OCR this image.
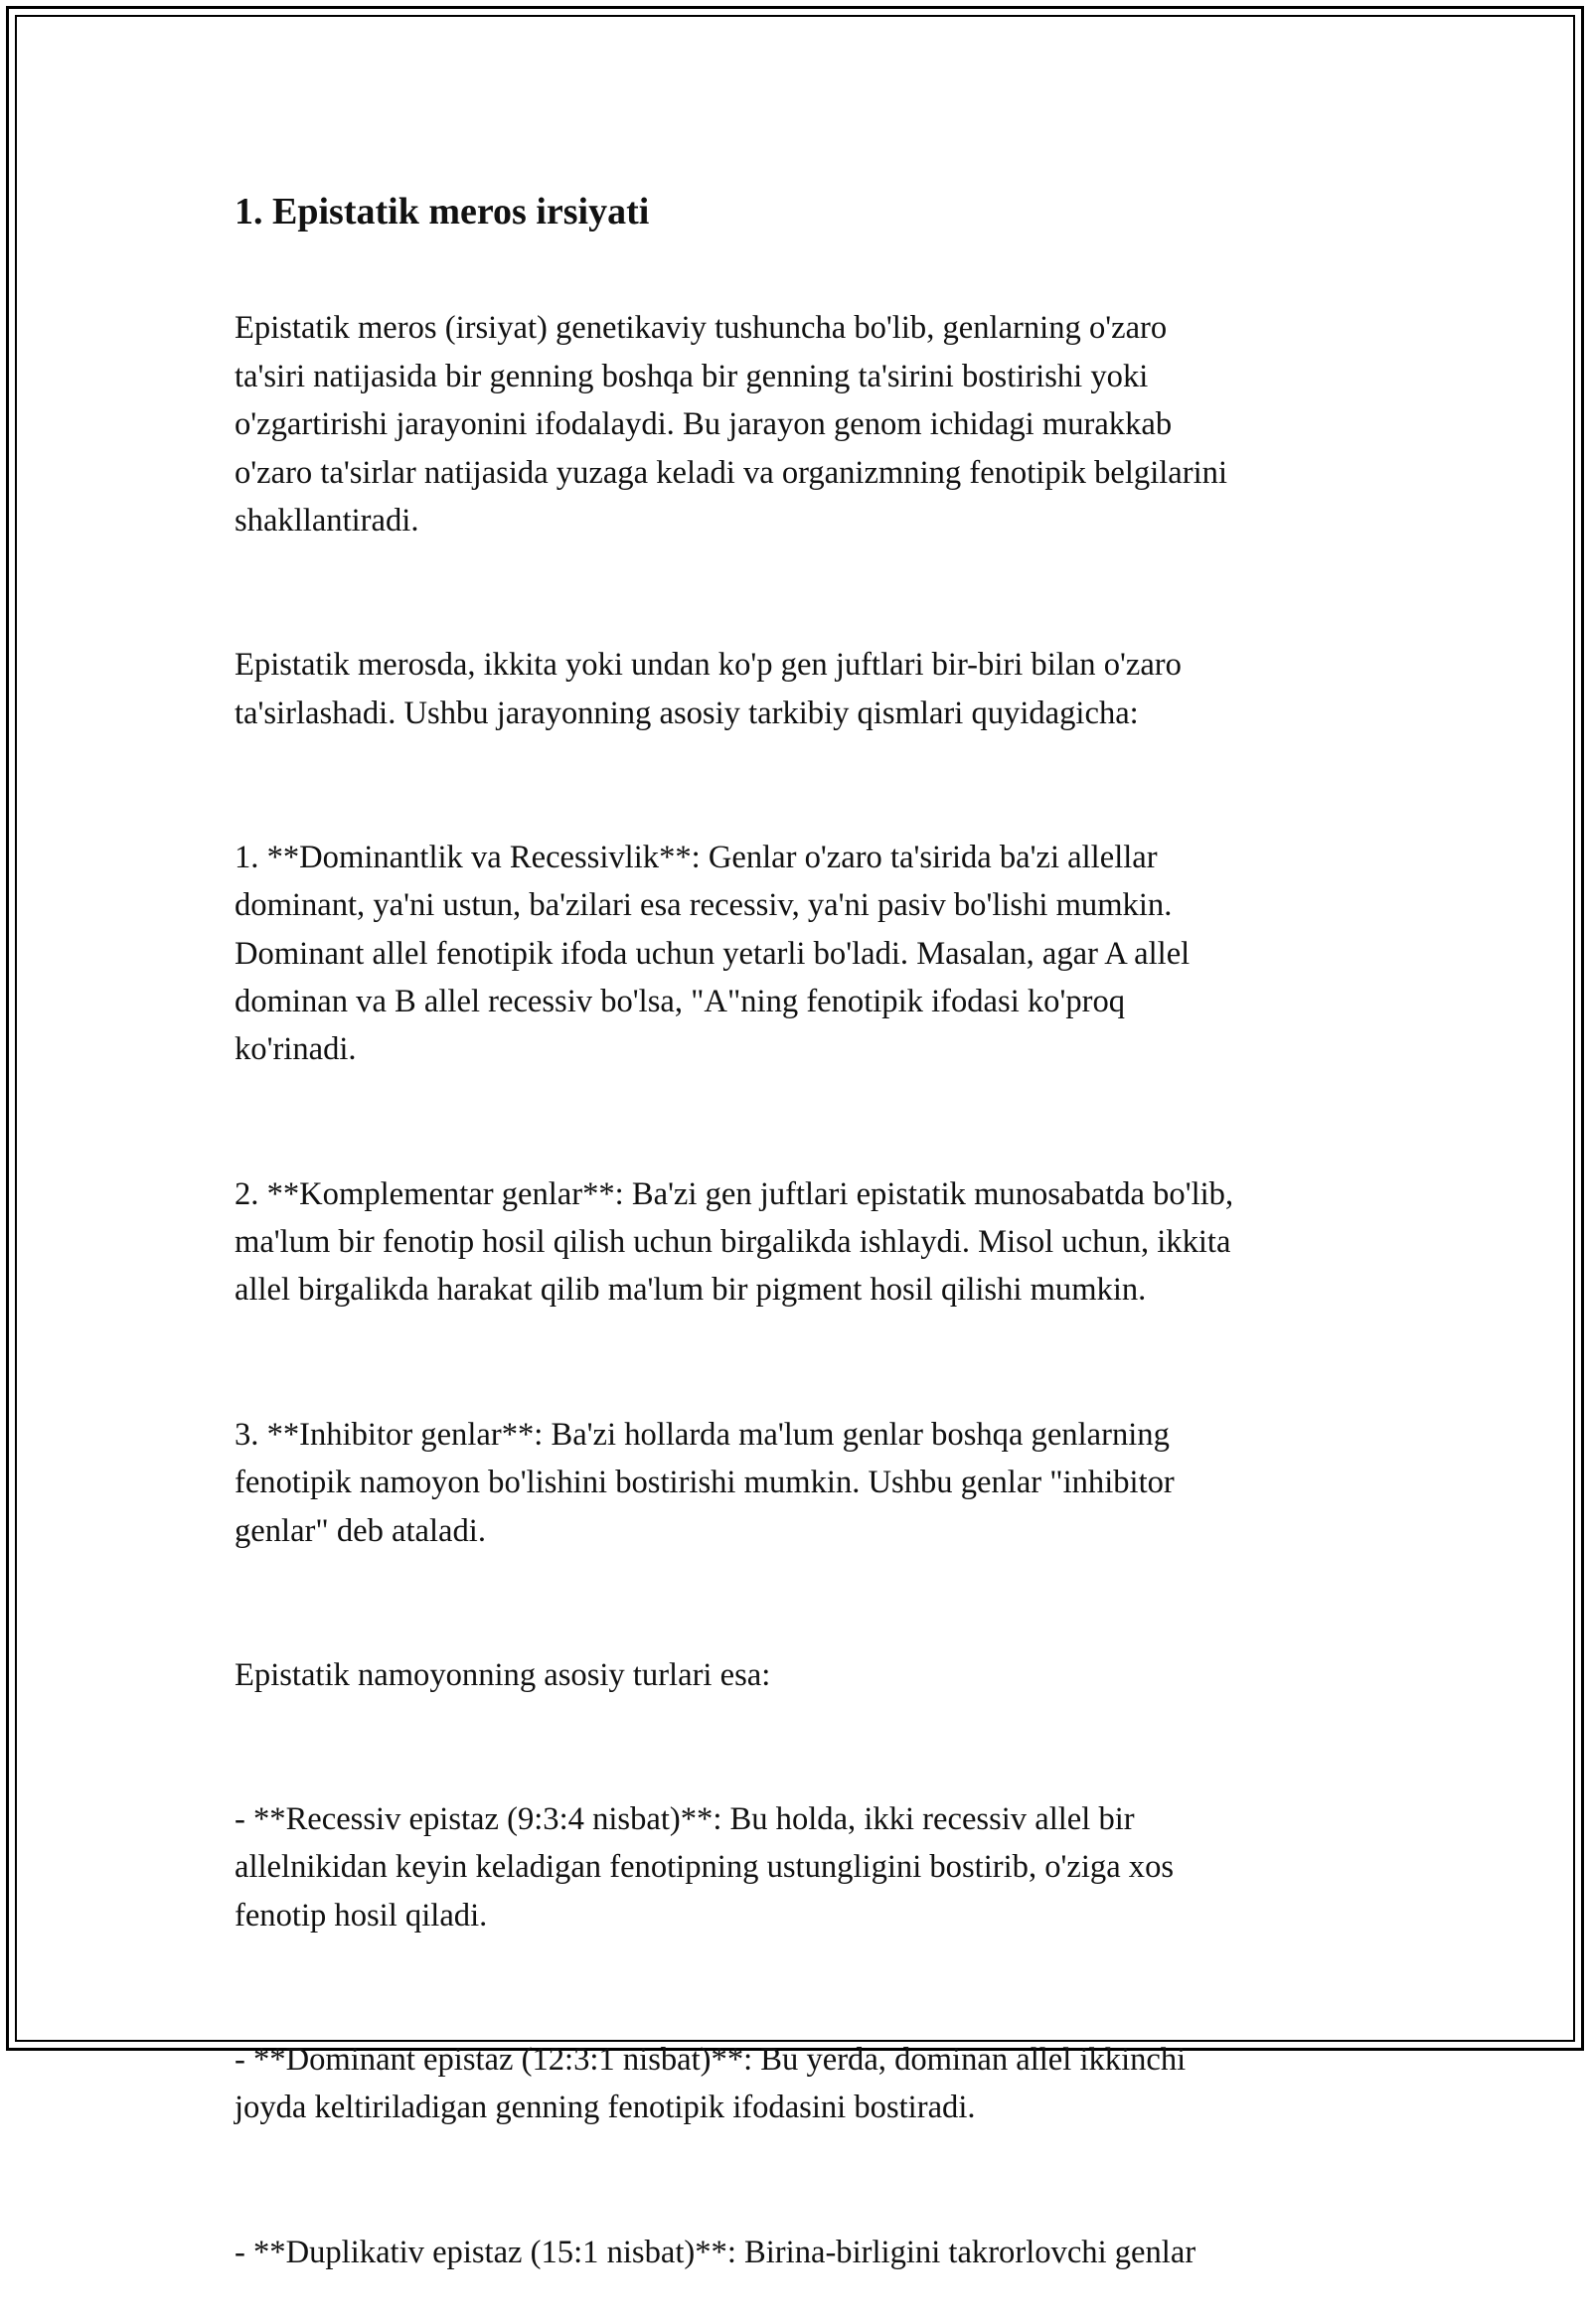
1. Epistatik meros irsiyati

Epistatik meros (irsiyat) genetikaviy tushuncha bo'lib, genlarning o'zaro
ta'siri natijasida bir genning boshqa bir genning ta'sirini bostirishi yoki
o'zgartirishi jarayonini ifodalaydi. Bu jarayon genom ichidagi murakkab
o'zaro ta'sirlar natijasida yuzaga keladi va organizmning fenotipik belgilarini
shakllantiradi.

Epistatik merosda, ikkita yoki undan ko'p gen juftlari bir-biri bilan o'zaro
ta'sirlashadi. Ushbu jarayonning asosiy tarkibiy qismlari quyidagicha:

1. **Dominantlik va Recessivlik**: Genlar o'zaro ta'sirida ba'zi allellar
dominant, ya'ni ustun, ba'zilari esa recessiv, ya'ni pasiv bo'lishi mumkin.
Dominant allel fenotipik ifoda uchun yetarli bo'ladi. Masalan, agar A allel
dominan va B allel recessiv bo'lsa, "A"ning fenotipik ifodasi ko'proq
ko'rinadi.

2. **Komplementar genlar**: Ba'zi gen juftlari epistatik munosabatda bo'lib,
ma'lum bir fenotip hosil qilish uchun birgalikda ishlaydi. Misol uchun, ikkita
allel birgalikda harakat qilib ma'lum bir pigment hosil qilishi mumkin.

3. **Inhibitor genlar**: Ba'zi hollarda ma'lum genlar boshqa genlarning
fenotipik namoyon bo'lishini bostirishi mumkin. Ushbu genlar "inhibitor
genlar" deb ataladi.

Epistatik namoyonning asosiy turlari esa:

- **Recessiv epistaz (9:3:4 nisbat)**: Bu holda, ikki recessiv allel bir
allelnikidan keyin keladigan fenotipning ustungligini bostirib, o'ziga xos
fenotip hosil qiladi.

- **Dominant epistaz (12:3:1 nisbat)**: Bu yerda, dominan allel ikkinchi
joyda keltiriladigan genning fenotipik ifodasini bostiradi.

- **Duplikativ epistaz (15:1 nisbat)**: Birina-birligini takrorlovchi genlar
